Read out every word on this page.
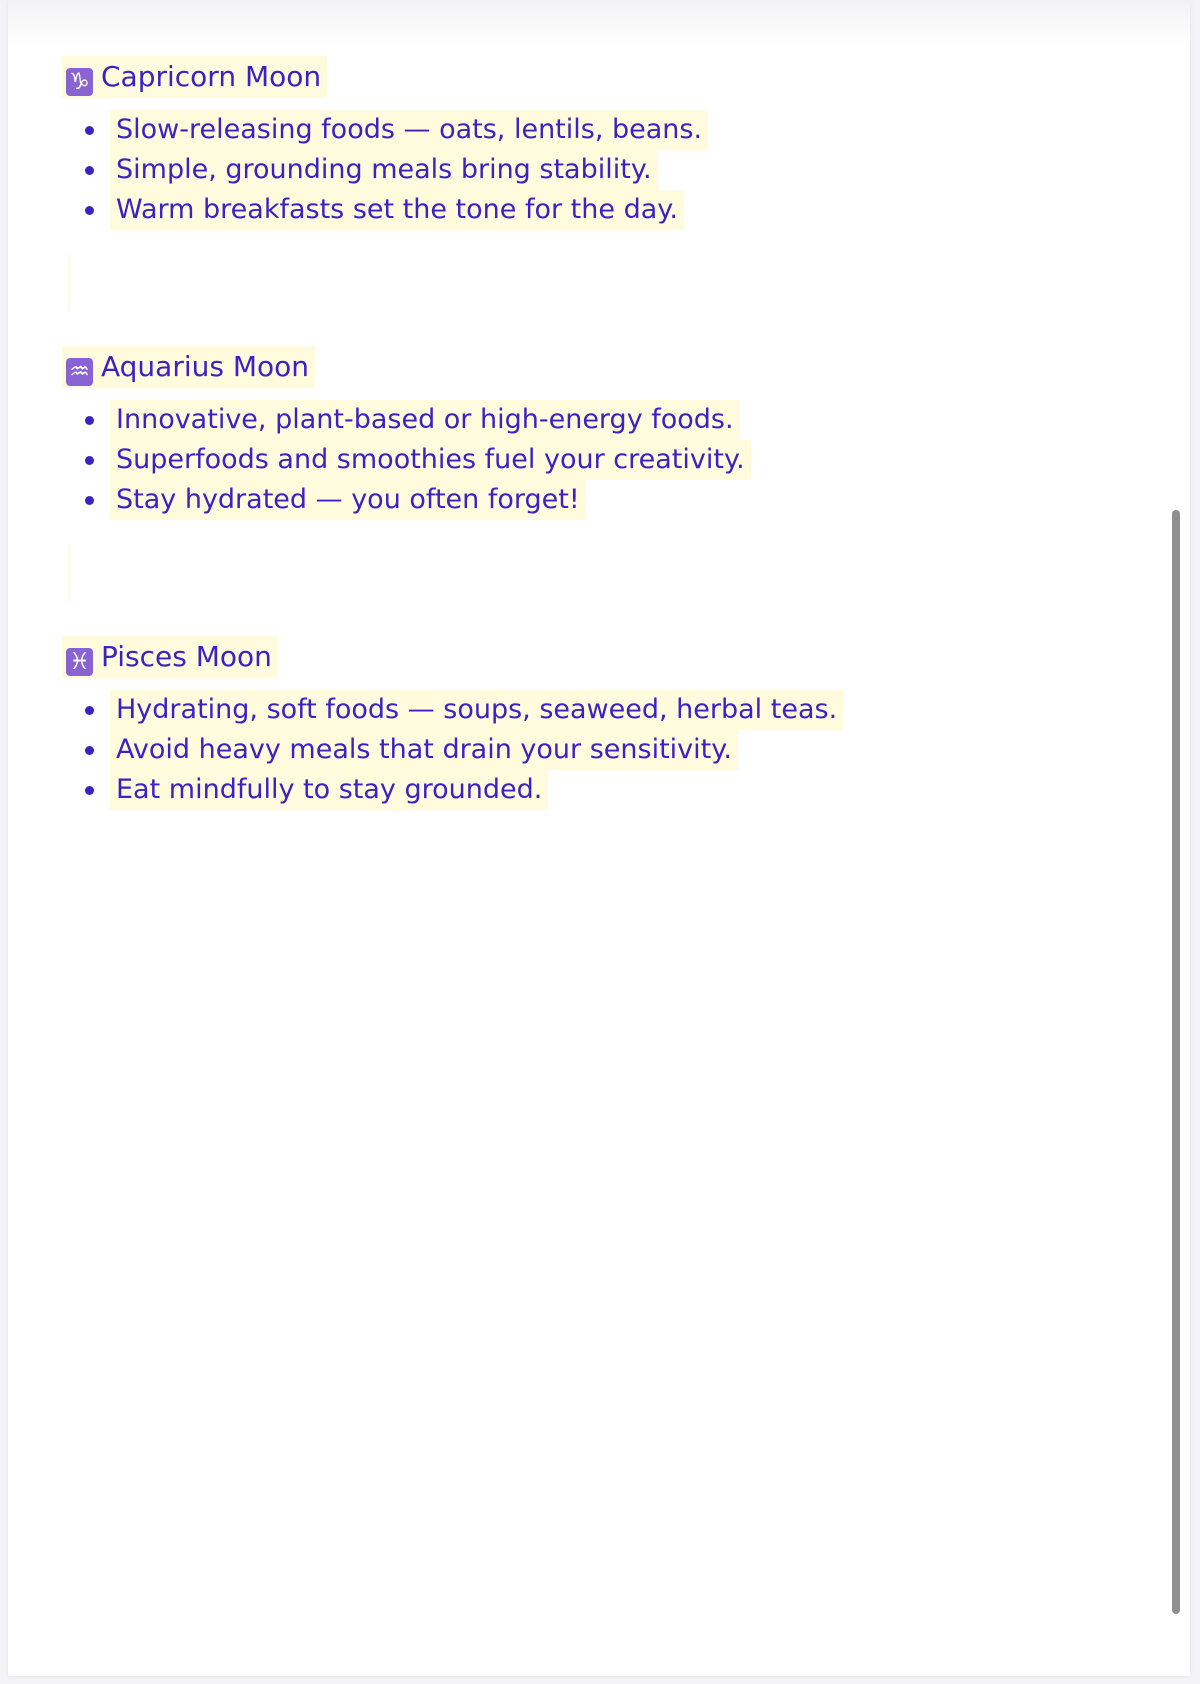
♑ Capricorn Moon
Slow-releasing foods — oats, lentils, beans.
Simple, grounding meals bring stability.
Warm breakfasts set the tone for the day.
♒ Aquarius Moon
Innovative, plant-based or high-energy foods.
Superfoods and smoothies fuel your creativity.
Stay hydrated — you often forget!
♓ Pisces Moon
Hydrating, soft foods — soups, seaweed, herbal teas.
Avoid heavy meals that drain your sensitivity.
Eat mindfully to stay grounded.
